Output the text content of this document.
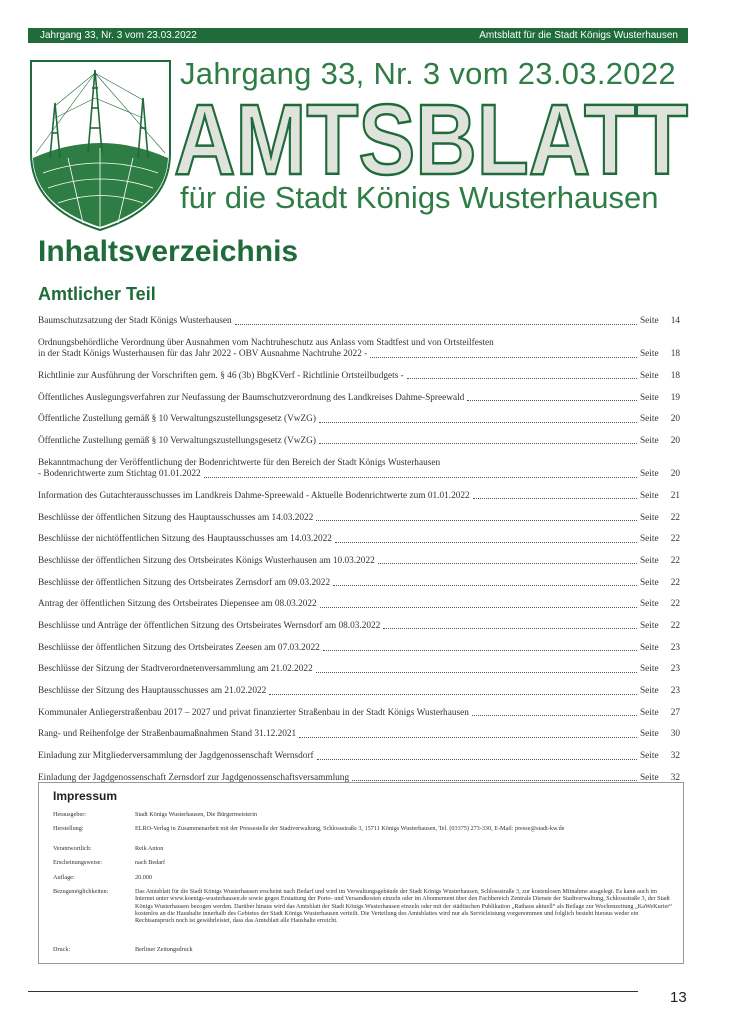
Jahrgang 33, Nr. 3 vom 23.03.2022	Amtsblatt für die Stadt Königs Wusterhausen
Jahrgang 33, Nr. 3 vom 23.03.2022
AMTSBLATT
für die Stadt Königs Wusterhausen
Inhaltsverzeichnis
Amtlicher Teil
Baumschutzsatzung der Stadt Königs Wusterhausen	Seite	14
Ordnungsbehördliche Verordnung über Ausnahmen vom Nachtruheschutz aus Anlass vom Stadtfest und von Ortsteilfesten
in der Stadt Königs Wusterhausen für das Jahr 2022 - OBV Ausnahme Nachtruhe 2022 -	Seite	18
Richtlinie zur Ausführung der Vorschriften gem. § 46 (3b) BbgKVerf - Richtlinie Ortsteilbudgets -	Seite	18
Öffentliches Auslegungsverfahren zur Neufassung der Baumschutzverordnung des Landkreises Dahme-Spreewald	Seite	19
Öffentliche Zustellung gemäß § 10 Verwaltungszustellungsgesetz (VwZG)	Seite	20
Öffentliche Zustellung gemäß § 10 Verwaltungszustellungsgesetz (VwZG)	Seite	20
Bekanntmachung der Veröffentlichung der Bodenrichtwerte für den Bereich der Stadt Königs Wusterhausen
- Bodenrichtwerte zum Stichtag 01.01.2022	Seite	20
Information des Gutachterausschusses im Landkreis Dahme-Spreewald - Aktuelle Bodenrichtwerte zum 01.01.2022	Seite	21
Beschlüsse der öffentlichen Sitzung des Hauptausschusses am 14.03.2022	Seite	22
Beschlüsse der nichtöffentlichen Sitzung des Hauptausschusses am 14.03.2022	Seite	22
Beschlüsse der öffentlichen Sitzung des Ortsbeirates Königs Wusterhausen am 10.03.2022	Seite	22
Beschlüsse der öffentlichen Sitzung des Ortsbeirates Zernsdorf am 09.03.2022	Seite	22
Antrag der öffentlichen Sitzung des Ortsbeirates Diepensee am 08.03.2022	Seite	22
Beschlüsse und Anträge der öffentlichen Sitzung des Ortsbeirates Wernsdorf am 08.03.2022	Seite	22
Beschlüsse der öffentlichen Sitzung des Ortsbeirates Zeesen am 07.03.2022	Seite	23
Beschlüsse der Sitzung der Stadtverordnetenversammlung am 21.02.2022	Seite	23
Beschlüsse der Sitzung des Hauptausschusses am 21.02.2022	Seite	23
Kommunaler Anliegerstraßenbau 2017 – 2027 und privat finanzierter Straßenbau in der Stadt Königs Wusterhausen	Seite	27
Rang- und Reihenfolge der Straßenbaumaßnahmen Stand 31.12.2021	Seite	30
Einladung zur Mitgliederversammlung der Jagdgenossenschaft Wernsdorf	Seite	32
Einladung der Jagdgenossenschaft Zernsdorf zur Jagdgenossenschaftsversammlung	Seite	32
Impressum
Herausgeber:	Stadt Königs Wusterhausen, Die Bürgermeisterin
Herstellung:	ELRO-Verlag in Zusammenarbeit mit der Pressestelle der Stadtverwaltung, Schlossstraße 3, 15711 Königs Wusterhausen, Tel. (03375) 273-330, E-Mail: presse@stadt-kw.de
Verantwortlich:	Reik Anton
Erscheinungsweise:	nach Bedarf
Auflage:	20.000
Bezugsmöglichkeiten:	Das Amtsblatt für die Stadt Königs Wusterhausen erscheint nach Bedarf und wird im Verwaltungsgebäude der Stadt Königs Wusterhausen, Schlossstraße 3, zur kostenlosen Mitnahme ausgelegt. Es kann auch im Internet unter www.koenigs-wusterhausen.de sowie gegen Erstattung der Porto- und Versandkosten einzeln oder im Abonnement über den Fachbereich Zentrale Dienste der Stadtverwaltung, Schlossstraße 3, der Stadt Königs Wusterhausen bezogen werden. Darüber hinaus wird das Amtsblatt der Stadt Königs Wusterhausen einzeln oder mit der städtischen Publikation „Rathaus aktuell“ als Beilage zur Wochenzeitung „KaWeKurier“ kostenlos an die Haushalte innerhalb des Gebietes der Stadt Königs Wusterhausen verteilt. Die Verteilung des Amtsblattes wird nur als Servicleistung vorgenommen und folglich besteht hieraus weder ein Rechtsanspruch noch ist gewährleistet, dass das Amtsblatt alle Haushalte erreicht.
Druck:	Berliner Zeitungsdruck
13
